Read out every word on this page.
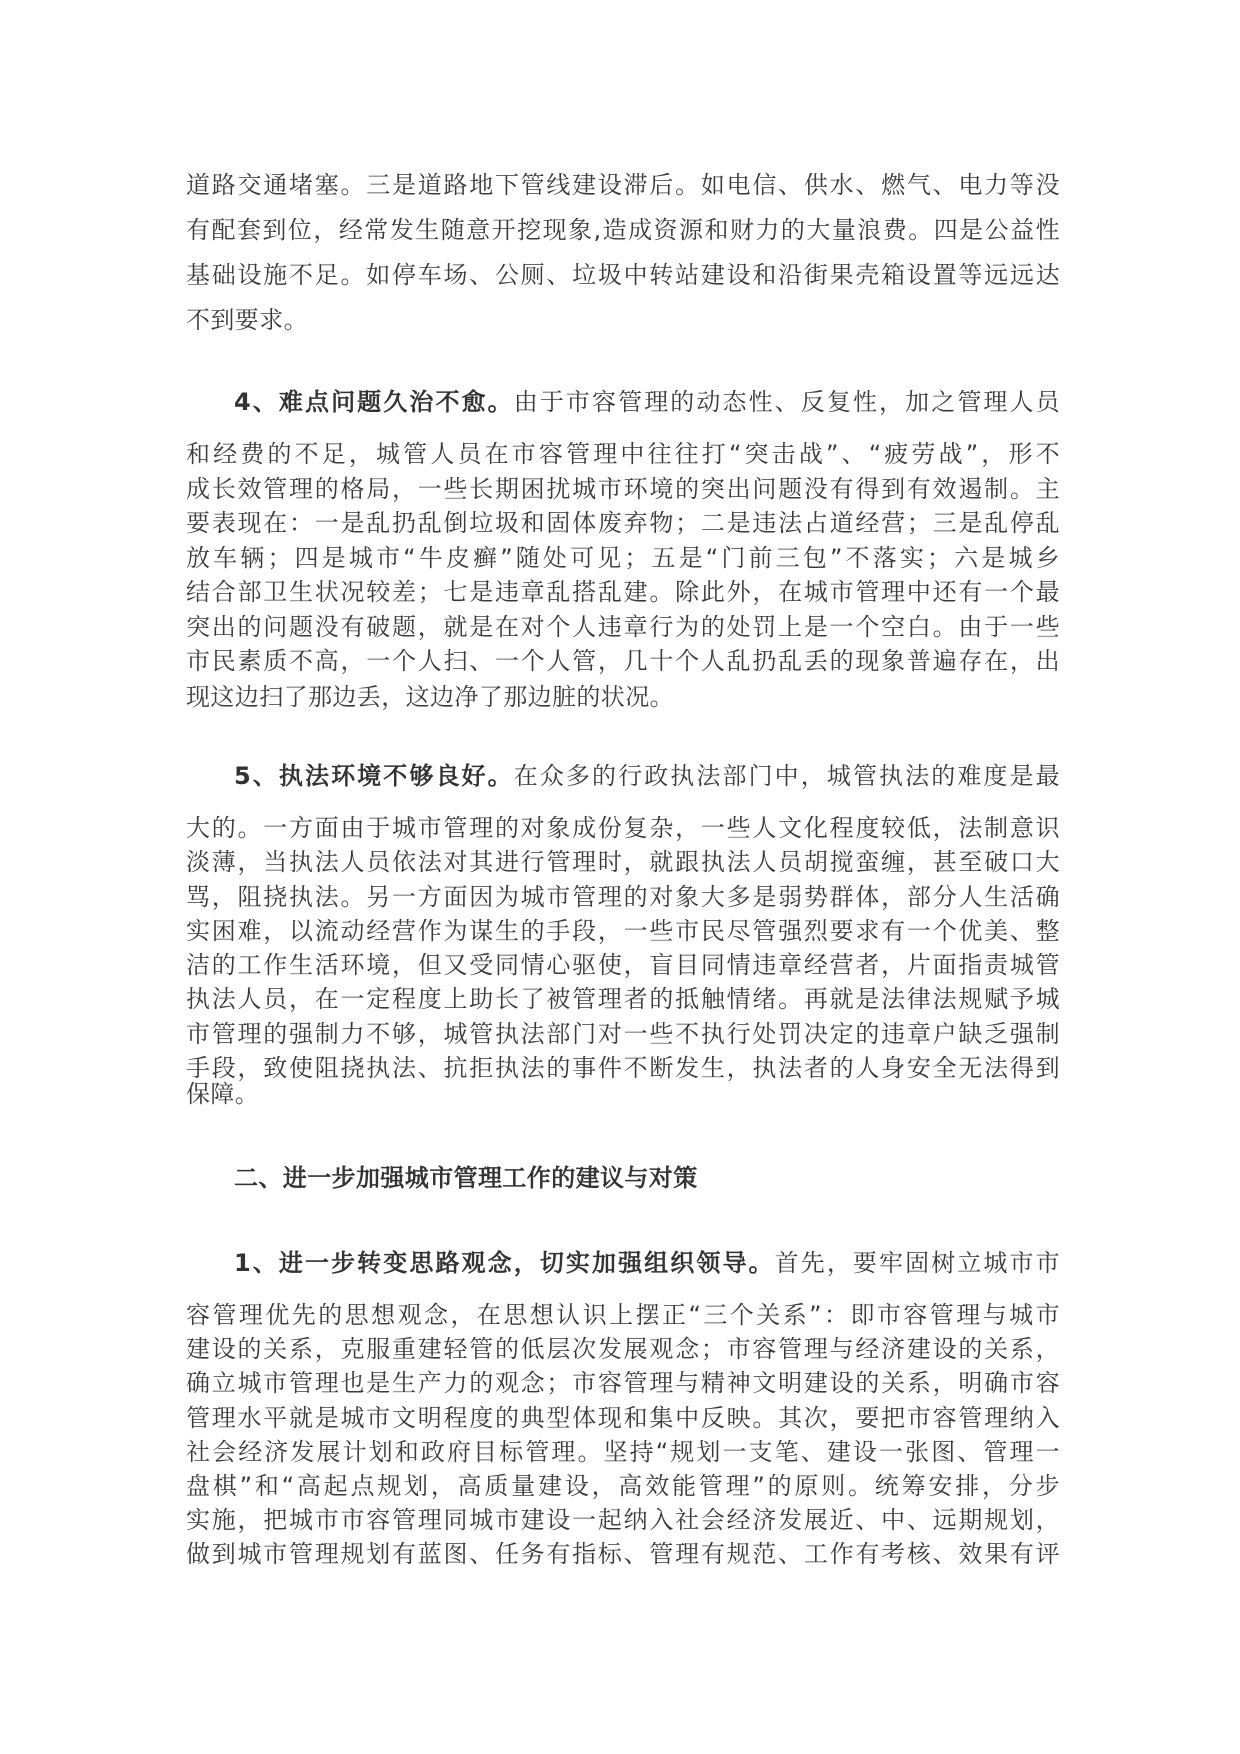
道路交通堵塞。三是道路地下管线建设滞后。如电信、供水、燃气、电力等没
有配套到位，经常发生随意开挖现象,造成资源和财力的大量浪费。四是公益性
基础设施不足。如停车场、公厕、垃圾中转站建设和沿街果壳箱设置等远远达
不到要求。
4、难点问题久治不愈。由于市容管理的动态性、反复性，加之管理人员
和经费的不足，城管人员在市容管理中往往打“突击战”、“疲劳战”，形不
成长效管理的格局，一些长期困扰城市环境的突出问题没有得到有效遏制。主
要表现在：一是乱扔乱倒垃圾和固体废弃物；二是违法占道经营；三是乱停乱
放车辆；四是城市“牛皮癣”随处可见；五是“门前三包”不落实；六是城乡
结合部卫生状况较差；七是违章乱搭乱建。除此外，在城市管理中还有一个最
突出的问题没有破题，就是在对个人违章行为的处罚上是一个空白。由于一些
市民素质不高，一个人扫、一个人管，几十个人乱扔乱丢的现象普遍存在，出
现这边扫了那边丢，这边净了那边脏的状况。
5、执法环境不够良好。在众多的行政执法部门中，城管执法的难度是最
大的。一方面由于城市管理的对象成份复杂，一些人文化程度较低，法制意识
淡薄，当执法人员依法对其进行管理时，就跟执法人员胡搅蛮缠，甚至破口大
骂，阻挠执法。另一方面因为城市管理的对象大多是弱势群体，部分人生活确
实困难，以流动经营作为谋生的手段，一些市民尽管强烈要求有一个优美、整
洁的工作生活环境，但又受同情心驱使，盲目同情违章经营者，片面指责城管
执法人员，在一定程度上助长了被管理者的抵触情绪。再就是法律法规赋予城
市管理的强制力不够，城管执法部门对一些不执行处罚决定的违章户缺乏强制
手段，致使阻挠执法、抗拒执法的事件不断发生，执法者的人身安全无法得到
保障。
二、进一步加强城市管理工作的建议与对策
1、进一步转变思路观念，切实加强组织领导。首先，要牢固树立城市市
容管理优先的思想观念，在思想认识上摆正“三个关系”：即市容管理与城市
建设的关系，克服重建轻管的低层次发展观念；市容管理与经济建设的关系，
确立城市管理也是生产力的观念；市容管理与精神文明建设的关系，明确市容
管理水平就是城市文明程度的典型体现和集中反映。其次，要把市容管理纳入
社会经济发展计划和政府目标管理。坚持“规划一支笔、建设一张图、管理一
盘棋”和“高起点规划，高质量建设，高效能管理”的原则。统筹安排，分步
实施，把城市市容管理同城市建设一起纳入社会经济发展近、中、远期规划，
做到城市管理规划有蓝图、任务有指标、管理有规范、工作有考核、效果有评
